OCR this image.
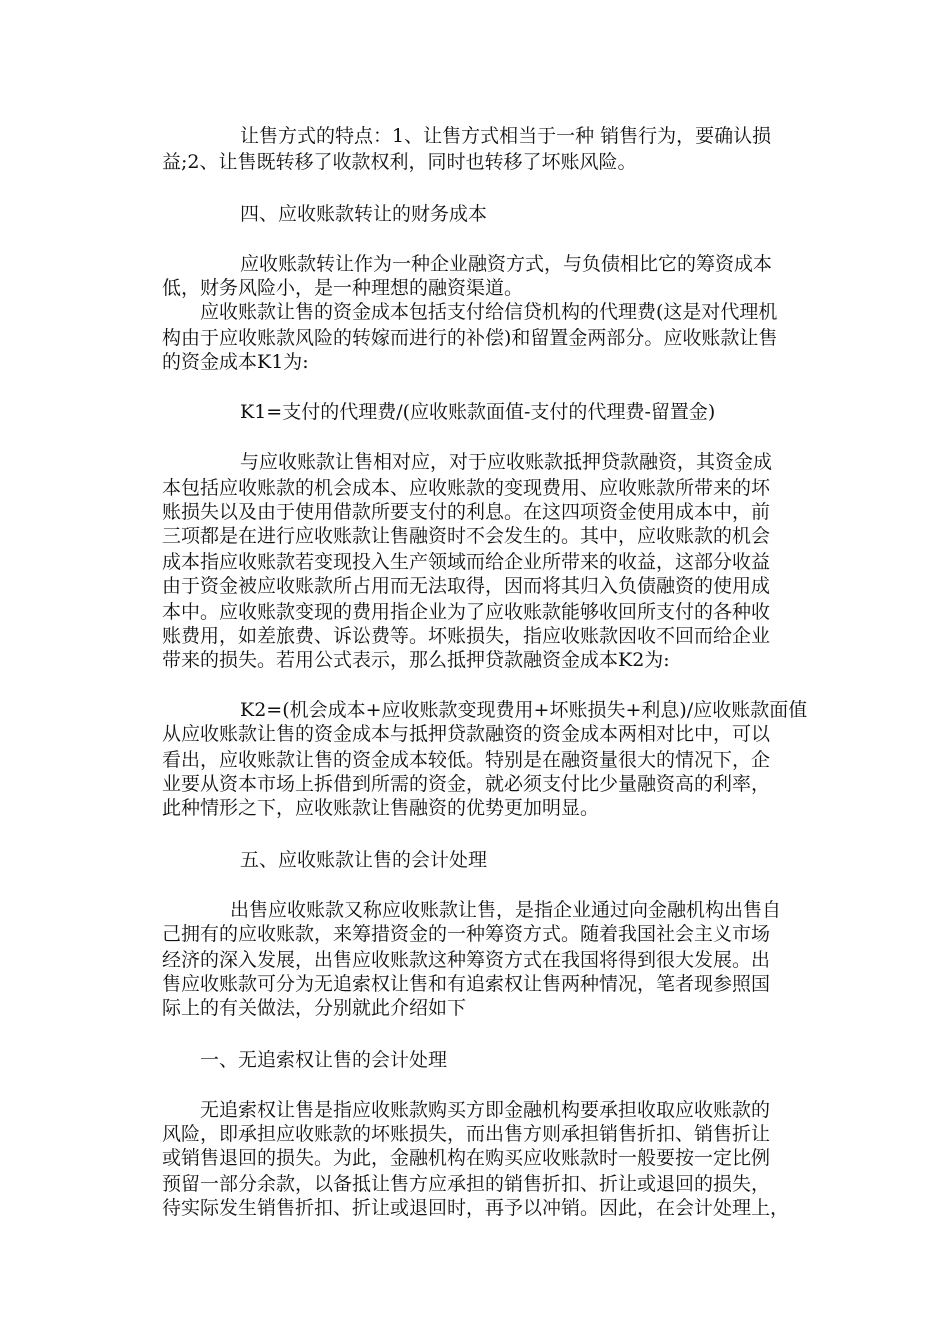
让售方式的特点：1、让售方式相当于一种 销售行为，要确认损
益;2、让售既转移了收款权利，同时也转移了坏账风险。
四、应收账款转让的财务成本
应收账款转让作为一种企业融资方式，与负债相比它的筹资成本
低，财务风险小，是一种理想的融资渠道。
应收账款让售的资金成本包括支付给信贷机构的代理费(这是对代理机
构由于应收账款风险的转嫁而进行的补偿)和留置金两部分。应收账款让售
的资金成本K1为:
K1=支付的代理费/(应收账款面值-支付的代理费-留置金)
与应收账款让售相对应，对于应收账款抵押贷款融资，其资金成
本包括应收账款的机会成本、应收账款的变现费用、应收账款所带来的坏
账损失以及由于使用借款所要支付的利息。在这四项资金使用成本中，前
三项都是在进行应收账款让售融资时不会发生的。其中，应收账款的机会
成本指应收账款若变现投入生产领域而给企业所带来的收益，这部分收益
由于资金被应收账款所占用而无法取得，因而将其归入负债融资的使用成
本中。应收账款变现的费用指企业为了应收账款能够收回所支付的各种收
账费用，如差旅费、诉讼费等。坏账损失，指应收账款因收不回而给企业
带来的损失。若用公式表示，那么抵押贷款融资金成本K2为:
K2=(机会成本+应收账款变现费用+坏账损失+利息)/应收账款面值
从应收账款让售的资金成本与抵押贷款融资的资金成本两相对比中，可以
看出，应收账款让售的资金成本较低。特别是在融资量很大的情况下，企
业要从资本市场上拆借到所需的资金，就必须支付比少量融资高的利率，
此种情形之下，应收账款让售融资的优势更加明显。
五、应收账款让售的会计处理
出售应收账款又称应收账款让售，是指企业通过向金融机构出售自
己拥有的应收账款，来筹措资金的一种筹资方式。随着我国社会主义市场
经济的深入发展，出售应收账款这种筹资方式在我国将得到很大发展。出
售应收账款可分为无追索权让售和有追索权让售两种情况，笔者现参照国
际上的有关做法，分别就此介绍如下
一、无追索权让售的会计处理
无追索权让售是指应收账款购买方即金融机构要承担收取应收账款的
风险，即承担应收账款的坏账损失，而出售方则承担销售折扣、销售折让
或销售退回的损失。为此，金融机构在购买应收账款时一般要按一定比例
预留一部分余款，以备抵让售方应承担的销售折扣、折让或退回的损失，
待实际发生销售折扣、折让或退回时，再予以冲销。因此，在会计处理上，
